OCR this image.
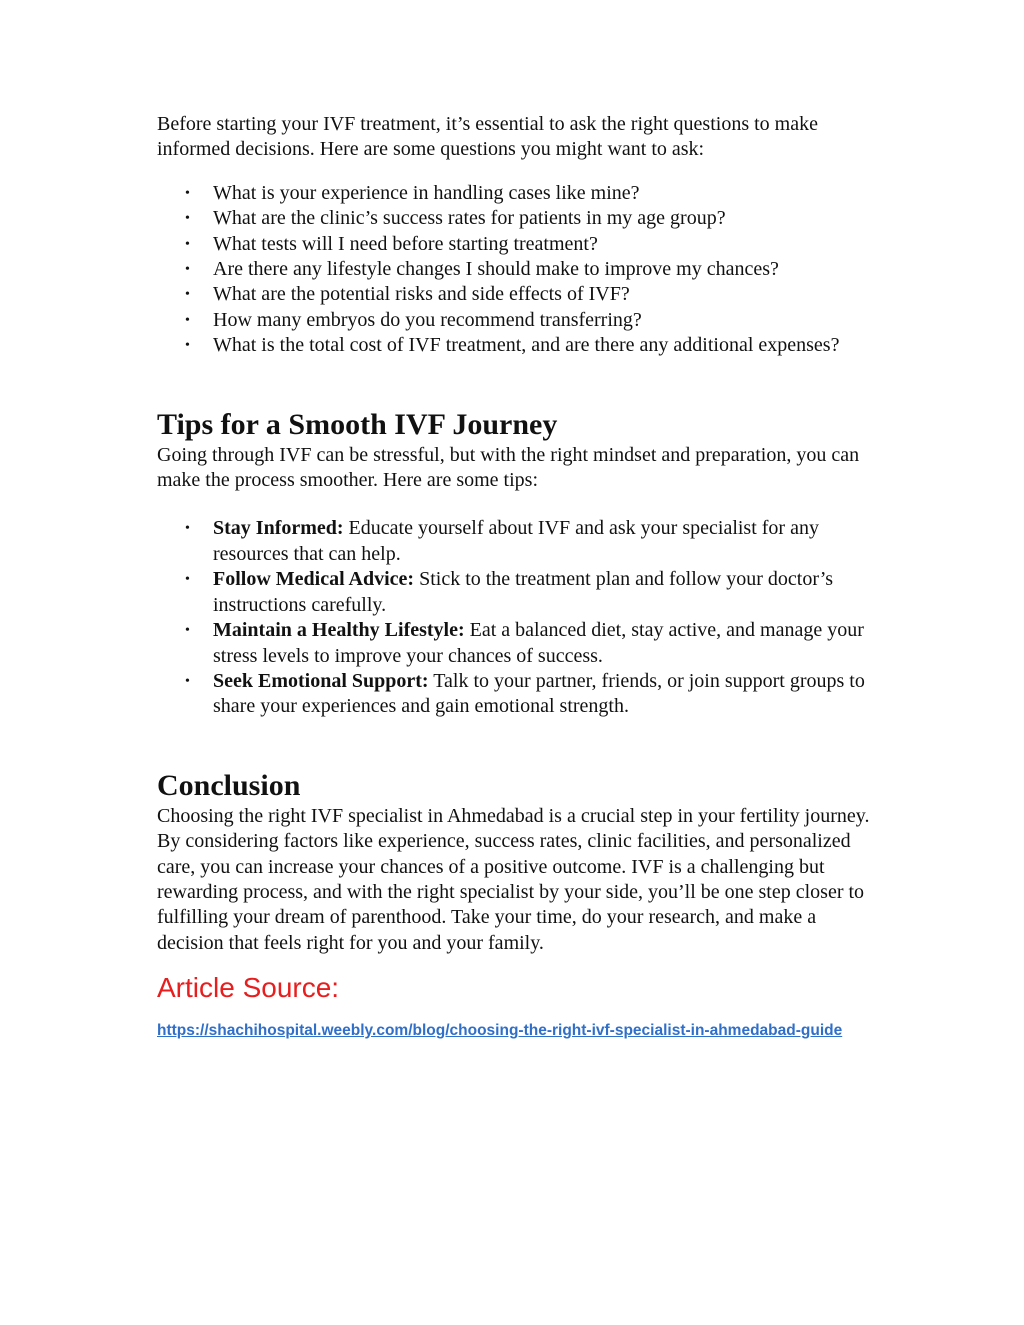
Before starting your IVF treatment, it’s essential to ask the right questions to make informed decisions. Here are some questions you might want to ask:

• What is your experience in handling cases like mine?
• What are the clinic’s success rates for patients in my age group?
• What tests will I need before starting treatment?
• Are there any lifestyle changes I should make to improve my chances?
• What are the potential risks and side effects of IVF?
• How many embryos do you recommend transferring?
• What is the total cost of IVF treatment, and are there any additional expenses?
Tips for a Smooth IVF Journey

Going through IVF can be stressful, but with the right mindset and preparation, you can make the process smoother. Here are some tips:

• Stay Informed: Educate yourself about IVF and ask your specialist for any resources that can help.
• Follow Medical Advice: Stick to the treatment plan and follow your doctor’s instructions carefully.
• Maintain a Healthy Lifestyle: Eat a balanced diet, stay active, and manage your stress levels to improve your chances of success.
• Seek Emotional Support: Talk to your partner, friends, or join support groups to share your experiences and gain emotional strength.
Conclusion

Choosing the right IVF specialist in Ahmedabad is a crucial step in your fertility journey. By considering factors like experience, success rates, clinic facilities, and personalized care, you can increase your chances of a positive outcome. IVF is a challenging but rewarding process, and with the right specialist by your side, you’ll be one step closer to fulfilling your dream of parenthood. Take your time, do your research, and make a decision that feels right for you and your family.

Article Source:
https://shachihospital.weebly.com/blog/choosing-the-right-ivf-specialist-in-ahmedabad-guide
